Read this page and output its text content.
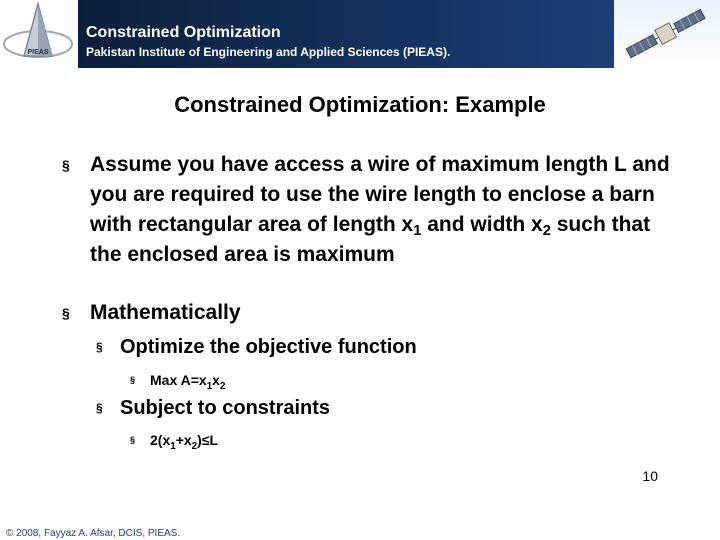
PIEAS
Constrained Optimization
Pakistan Institute of Engineering and Applied Sciences (PIEAS).
Constrained Optimization: Example
§ Assume you have access a wire of maximum length L and you are required to use the wire length to enclose a barn with rectangular area of length $x_1$ and width $x_2$ such that the enclosed area is maximum
§ Mathematically
§ Optimize the objective function
§	Max $A=x_1x_2$
§ Subject to constraints
§	$2(x_1+x_2)\le L$
10
© 2008, Fayyaz A. Afsar, DCIS, PIEAS.
